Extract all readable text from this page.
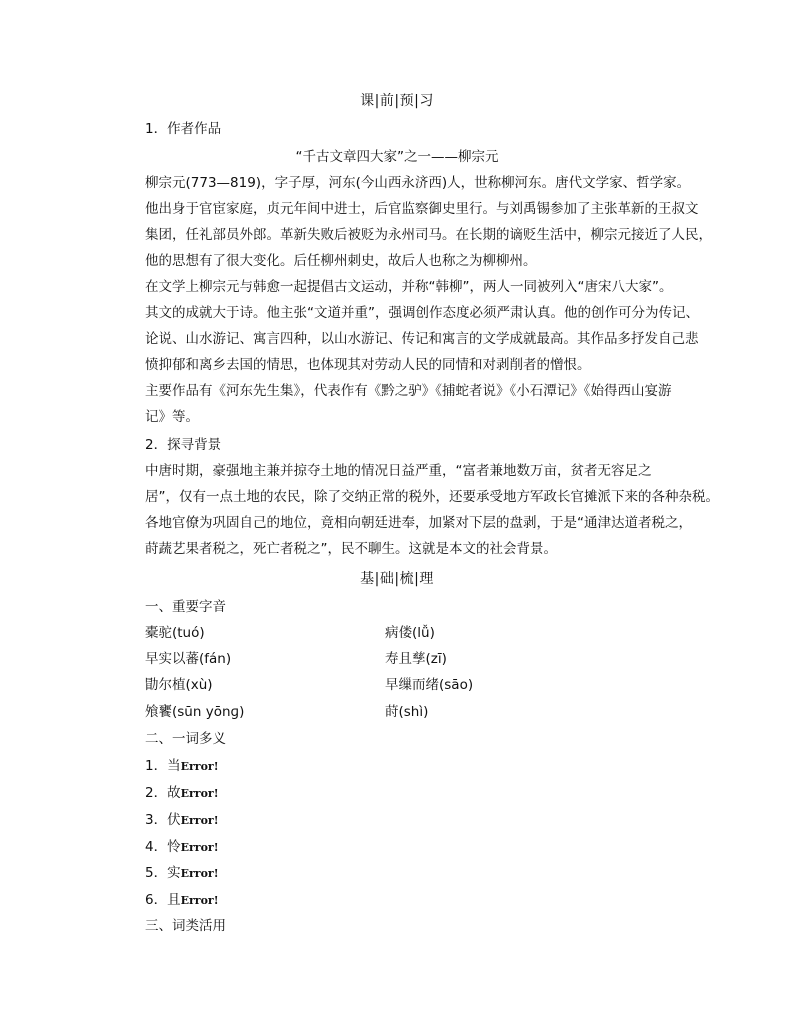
课|前|预|习
1．作者作品
“千古文章四大家”之一——柳宗元
柳宗元(773—819)，字子厚，河东(今山西永济西)人，世称柳河东。唐代文学家、哲学家。
他出身于官宦家庭，贞元年间中进士，后官监察御史里行。与刘禹锡参加了主张革新的王叔文
集团，任礼部员外郎。革新失败后被贬为永州司马。在长期的谪贬生活中，柳宗元接近了人民，
他的思想有了很大变化。后任柳州刺史，故后人也称之为柳柳州。
在文学上柳宗元与韩愈一起提倡古文运动，并称“韩柳”，两人一同被列入“唐宋八大家”。
其文的成就大于诗。他主张“文道并重”，强调创作态度必须严肃认真。他的创作可分为传记、
论说、山水游记、寓言四种，以山水游记、传记和寓言的文学成就最高。其作品多抒发自己悲
愤抑郁和离乡去国的情思，也体现其对劳动人民的同情和对剥削者的憎恨。
主要作品有《河东先生集》，代表作有《黔之驴》《捕蛇者说》《小石潭记》《始得西山宴游
记》等。
2．探寻背景
中唐时期，豪强地主兼并掠夺土地的情况日益严重，“富者兼地数万亩，贫者无容足之
居”，仅有一点土地的农民，除了交纳正常的税外，还要承受地方军政长官摊派下来的各种杂税。
各地官僚为巩固自己的地位，竟相向朝廷进奉，加紧对下层的盘剥，于是“通津达道者税之，
莳蔬艺果者税之，死亡者税之”，民不聊生。这就是本文的社会背景。
基|础|梳|理
一、重要字音
橐驼(tuó)	病偻(lǚ)
早实以蕃(fán)	寿且孳(zī)
勖尔植(xù)	早缫而绪(sāo)
飧饔(sūn yōnɡ)	莳(shì)
二、一词多义
1．当Error!
2．故Error!
3．伏Error!
4．怜Error!
5．实Error!
6．且Error!
三、词类活用
